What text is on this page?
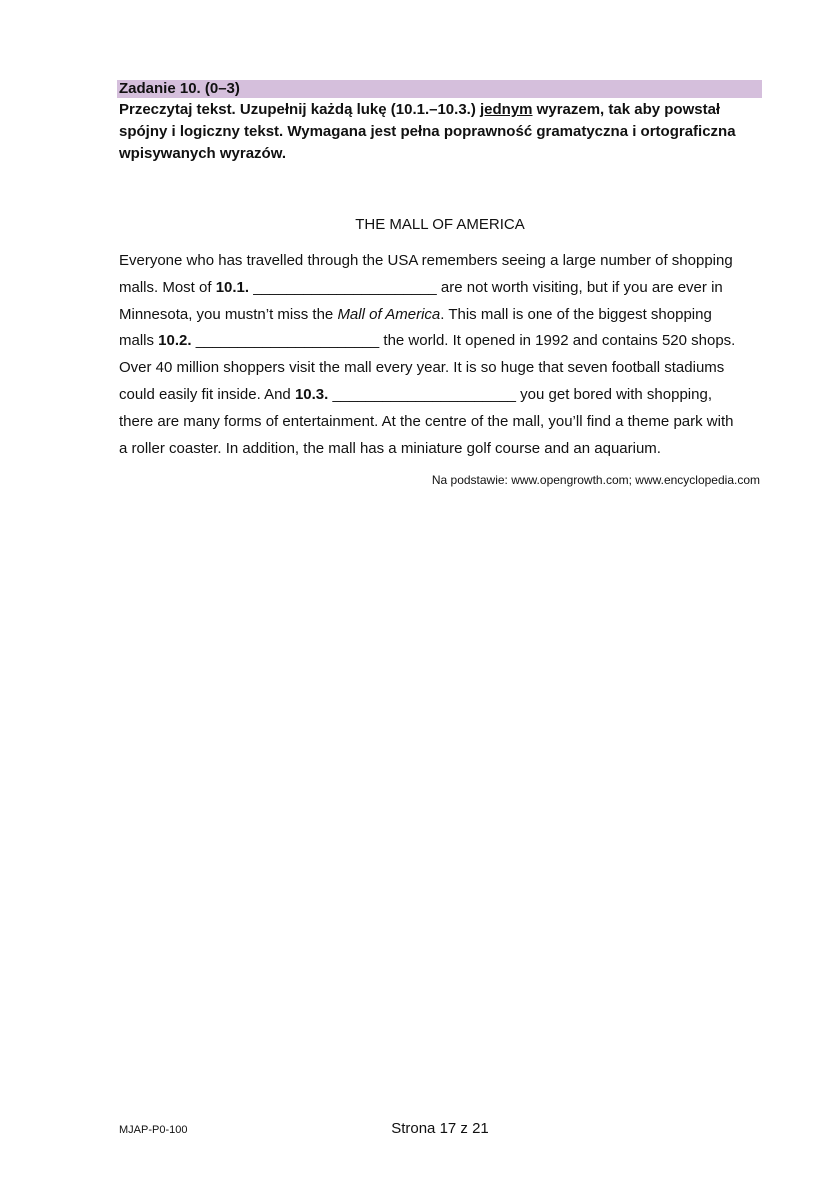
Zadanie 10. (0–3)
Przeczytaj tekst. Uzupełnij każdą lukę (10.1.–10.3.) jednym wyrazem, tak aby powstał
spójny i logiczny tekst. Wymagana jest pełna poprawność gramatyczna i ortograficzna
wpisywanych wyrazów.
THE MALL OF AMERICA
Everyone who has travelled through the USA remembers seeing a large number of shopping
malls. Most of 10.1. ______________________ are not worth visiting, but if you are ever in
Minnesota, you mustn’t miss the Mall of America. This mall is one of the biggest shopping
malls 10.2. ______________________ the world. It opened in 1992 and contains 520 shops.
Over 40 million shoppers visit the mall every year. It is so huge that seven football stadiums
could easily fit inside. And 10.3. ______________________ you get bored with shopping,
there are many forms of entertainment. At the centre of the mall, you’ll find a theme park with
a roller coaster. In addition, the mall has a miniature golf course and an aquarium.
Na podstawie: www.opengrowth.com; www.encyclopedia.com
MJAP-P0-100	Strona 17 z 21
